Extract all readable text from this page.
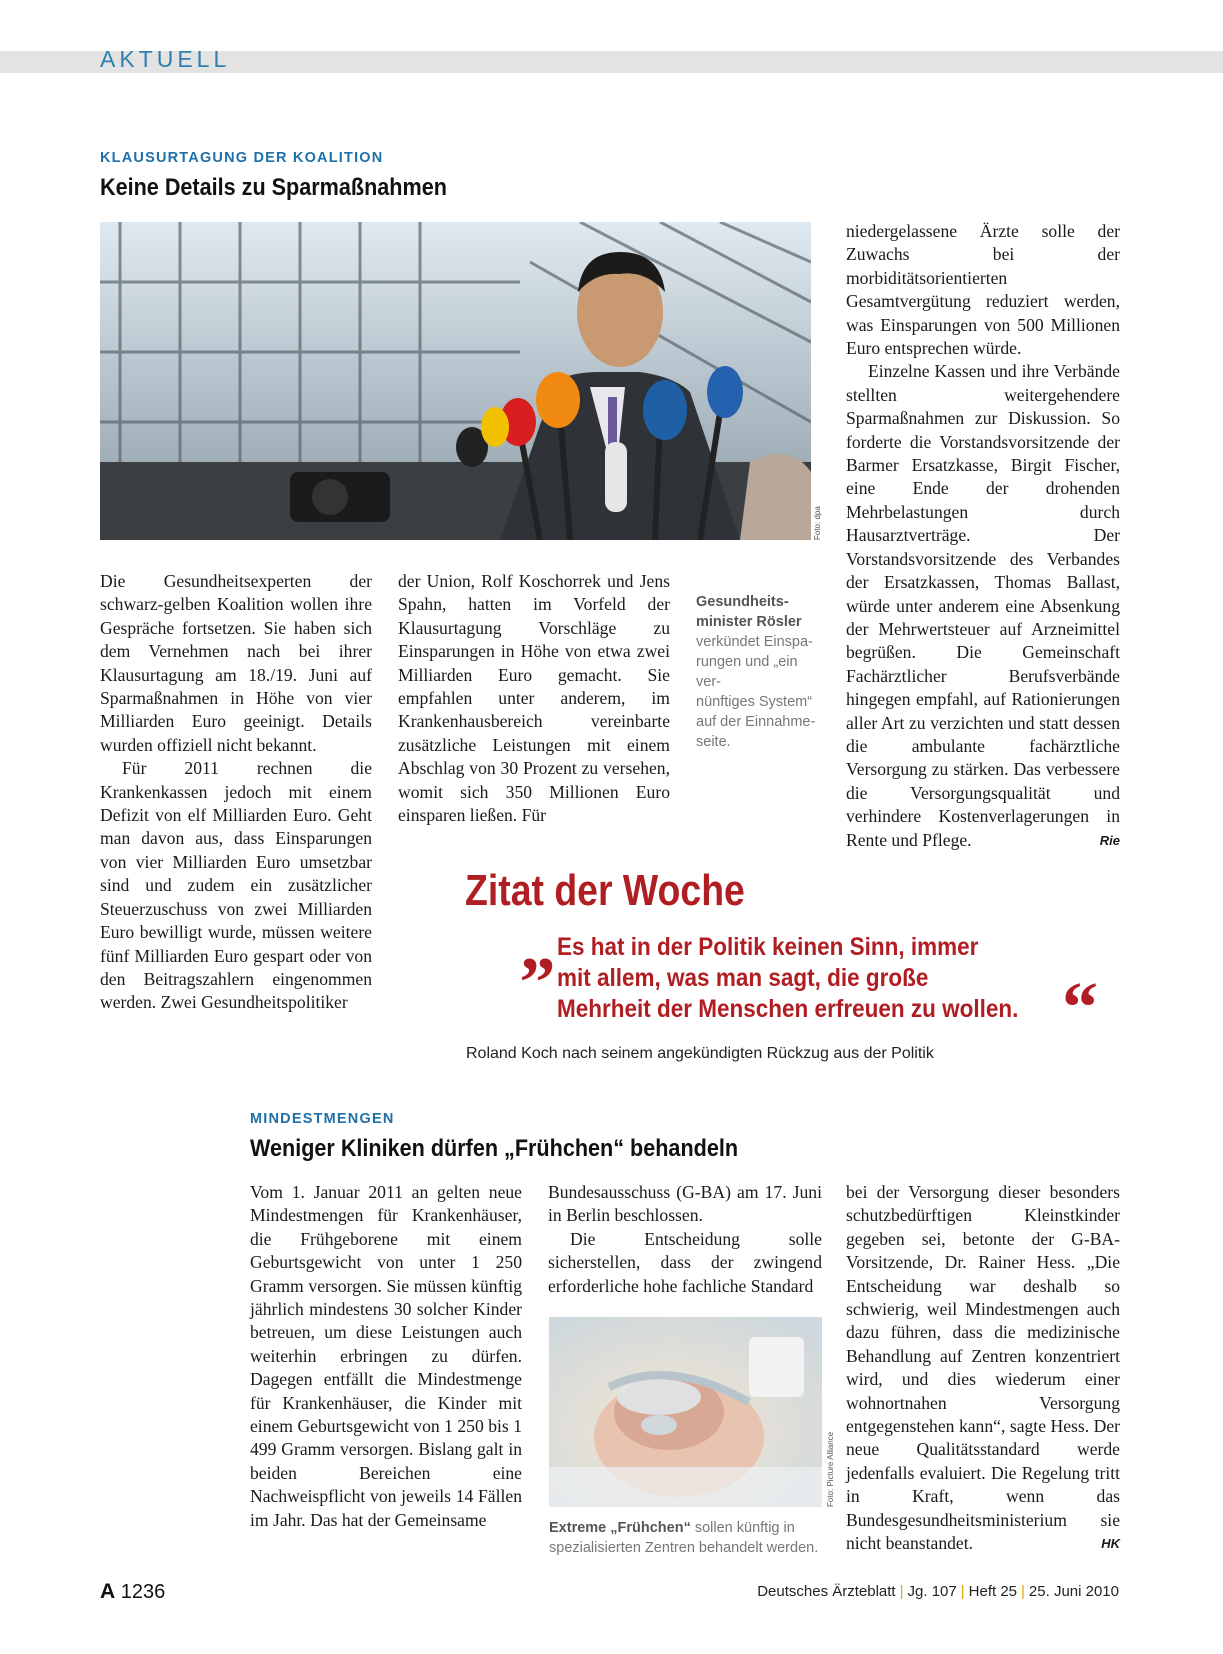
AKTUELL
KLAUSURTAGUNG DER KOALITION
Keine Details zu Sparmaßnahmen
Foto: dpa

Die Gesundheitsexperten der schwarz-gelben Koalition wollen ihre Gespräche fortsetzen. Sie haben sich dem Vernehmen nach bei ihrer Klausurtagung am 18./19. Juni auf Sparmaßnahmen in Höhe von vier Milliarden Euro geeinigt. Details wurden offiziell nicht bekannt.

Für 2011 rechnen die Krankenkassen jedoch mit einem Defizit von elf Milliarden Euro. Geht man davon aus, dass Einsparungen von vier Milliarden Euro umsetzbar sind und zudem ein zusätzlicher Steuerzuschuss von zwei Milliarden Euro bewilligt wurde, müssen weitere fünf Milliarden Euro gespart oder von den Beitragszahlern eingenommen werden. Zwei Gesundheitspolitiker

der Union, Rolf Koschorrek und Jens Spahn, hatten im Vorfeld der Klausurtagung Vorschläge zu Einsparungen in Höhe von etwa zwei Milliarden Euro gemacht. Sie empfahlen unter anderem, im Krankenhausbereich vereinbarte zusätzliche Leistungen mit einem Abschlag von 30 Prozent zu versehen, womit sich 350 Millionen Euro einsparen ließen. Für

Gesundheits-
minister Rösler

verkündet Einspa-
rungen und „ein ver-
nünftiges System“
auf der Einnahme-
seite.

niedergelassene Ärzte solle der Zuwachs bei der morbiditätsorientierten Gesamtvergütung reduziert werden, was Einsparungen von 500 Millionen Euro entsprechen würde.

Einzelne Kassen und ihre Verbände stellten weitergehendere Sparmaßnahmen zur Diskussion. So forderte die Vorstandsvorsitzende der Barmer Ersatzkasse, Birgit Fischer, eine Ende der drohenden Mehrbelastungen durch Hausarztverträge. Der Vorstandsvorsitzende des Verbandes der Ersatzkassen, Thomas Ballast, würde unter anderem eine Absenkung der Mehrwertsteuer auf Arzneimittel begrüßen. Die Gemeinschaft Fachärztlicher Berufsverbände hingegen empfahl, auf Rationierungen aller Art zu verzichten und statt dessen die ambulante fachärztliche Versorgung zu stärken. Das verbessere die Versorgungsqualität und verhindere Kostenverlagerungen in Rente und Pflege.	Rie

Zitat der Woche
„ Es hat in der Politik keinen Sinn, immer
mit allem, was man sagt, die große
Mehrheit der Menschen erfreuen zu wollen. “
Roland Koch nach seinem angekündigten Rückzug aus der Politik
MINDESTMENGEN
Weniger Kliniken dürfen „Frühchen“ behandeln

Vom 1. Januar 2011 an gelten neue Mindestmengen für Krankenhäuser, die Frühgeborene mit einem Geburtsgewicht von unter 1 250 Gramm versorgen. Sie müssen künftig jährlich mindestens 30 solcher Kinder betreuen, um diese Leistungen auch weiterhin erbringen zu dürfen. Dagegen entfällt die Mindestmenge für Krankenhäuser, die Kinder mit einem Geburtsgewicht von 1 250 bis 1 499 Gramm versorgen. Bislang galt in beiden Bereichen eine Nachweispflicht von jeweils 14 Fällen im Jahr. Das hat der Gemeinsame

Bundesausschuss (G-BA) am 17. Juni in Berlin beschlossen.

Die Entscheidung solle sicherstellen, dass der zwingend erforderliche hohe fachliche Standard

Foto: Picture Alliance
Extreme „Frühchen“ sollen künftig in spezialisierten Zentren behandelt werden.

bei der Versorgung dieser besonders schutzbedürftigen Kleinstkinder gegeben sei, betonte der G-BA-Vorsitzende, Dr. Rainer Hess. „Die Entscheidung war deshalb so schwierig, weil Mindestmengen auch dazu führen, dass die medizinische Behandlung auf Zentren konzentriert wird, und dies wiederum einer wohnortnahen Versorgung entgegenstehen kann“, sagte Hess. Der neue Qualitätsstandard werde jedenfalls evaluiert. Die Regelung tritt in Kraft, wenn das Bundesgesundheitsministerium sie nicht beanstandet.	HK

A 1236	Deutsches Ärzteblatt | Jg. 107 | Heft 25 | 25. Juni 2010
